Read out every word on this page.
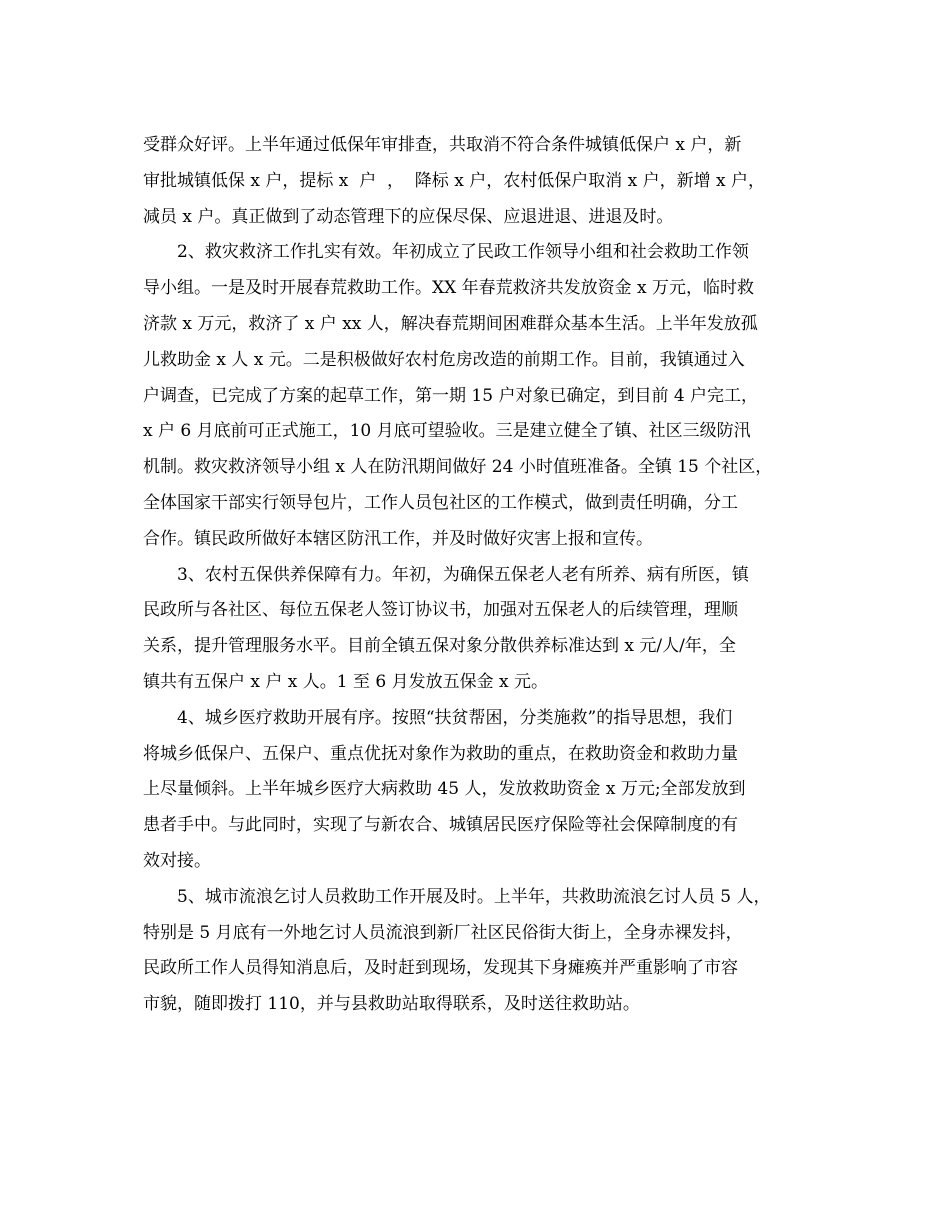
受群众好评。上半年通过低保年审排查，共取消不符合条件城镇低保户 x 户，新
审批城镇低保 x 户，提标 x  户  ，  降标 x 户，农村低保户取消 x 户，新增 x 户，
减员 x 户。真正做到了动态管理下的应保尽保、应退进退、进退及时。
2、救灾救济工作扎实有效。年初成立了民政工作领导小组和社会救助工作领
导小组。一是及时开展春荒救助工作。XX 年春荒救济共发放资金 x 万元，临时救
济款 x 万元，救济了 x 户 xx 人，解决春荒期间困难群众基本生活。上半年发放孤
儿救助金 x 人 x 元。二是积极做好农村危房改造的前期工作。目前，我镇通过入
户调查，已完成了方案的起草工作，第一期 15 户对象已确定，到目前 4 户完工，
x 户 6 月底前可正式施工，10 月底可望验收。三是建立健全了镇、社区三级防汛
机制。救灾救济领导小组 x 人在防汛期间做好 24 小时值班准备。全镇 15 个社区，
全体国家干部实行领导包片，工作人员包社区的工作模式，做到责任明确，分工
合作。镇民政所做好本辖区防汛工作，并及时做好灾害上报和宣传。
3、农村五保供养保障有力。年初，为确保五保老人老有所养、病有所医，镇
民政所与各社区、每位五保老人签订协议书，加强对五保老人的后续管理，理顺
关系，提升管理服务水平。目前全镇五保对象分散供养标准达到 x 元/人/年，全
镇共有五保户 x 户 x 人。1 至 6 月发放五保金 x 元。
4、城乡医疗救助开展有序。按照“扶贫帮困，分类施救”的指导思想，我们
将城乡低保户、五保户、重点优抚对象作为救助的重点，在救助资金和救助力量
上尽量倾斜。上半年城乡医疗大病救助 45 人，发放救助资金 x 万元;全部发放到
患者手中。与此同时，实现了与新农合、城镇居民医疗保险等社会保障制度的有
效对接。
5、城市流浪乞讨人员救助工作开展及时。上半年，共救助流浪乞讨人员 5 人，
特别是 5 月底有一外地乞讨人员流浪到新厂社区民俗街大街上，全身赤裸发抖，
民政所工作人员得知消息后，及时赶到现场，发现其下身瘫痪并严重影响了市容
市貌，随即拨打 110，并与县救助站取得联系，及时送往救助站。
